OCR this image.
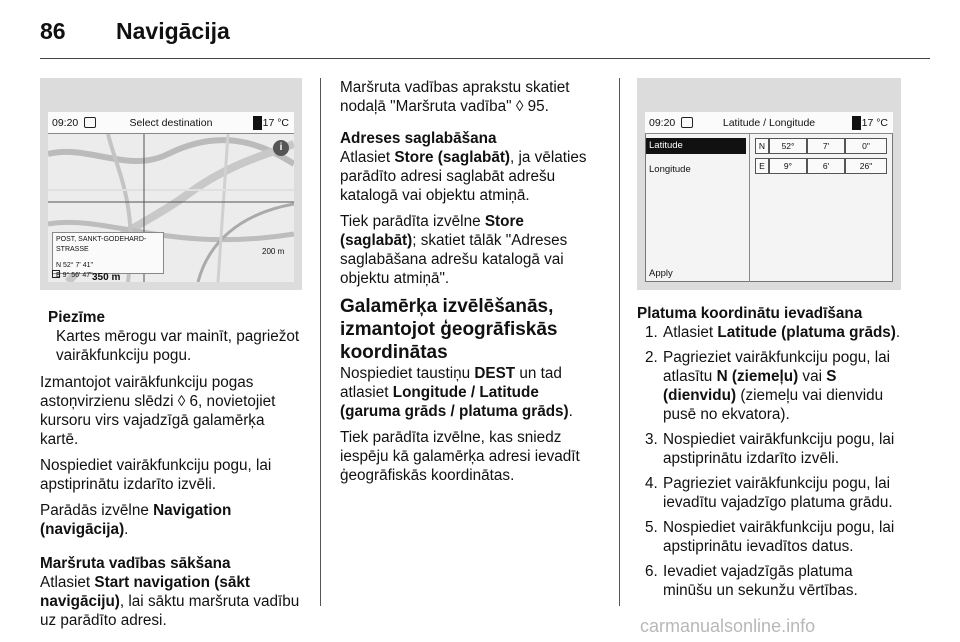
86 Navigācija
09:20	Select destination	17 °C
i
POST, SANKT-GODEHARD-STRASSE
N 52° 7' 41"
E 9° 56' 47" 350 m
200 m
Piezīme
Kartes mērogu var mainīt, pagriežot vairākfunkciju pogu.

Izmantojot vairākfunkciju pogas astoņvirzienu slēdzi ◊ 6, novietojiet kursoru virs vajadzīgā galamērķa kartē.

Nospiediet vairākfunkciju pogu, lai apstiprinātu izdarīto izvēli.

Parādās izvēlne Navigation (navigācija).

Maršruta vadības sākšana

Atlasiet Start navigation (sākt navigāciju), lai sāktu maršruta vadību uz parādīto adresi.

Maršruta vadības aprakstu skatiet nodaļā "Maršruta vadība" ◊ 95.

Adreses saglabāšana

Atlasiet Store (saglabāt), ja vēlaties parādīto adresi saglabāt adrešu katalogā vai objektu atmiņā.

Tiek parādīta izvēlne Store (saglabāt); skatiet tālāk "Adreses saglabāšana adrešu katalogā vai objektu atmiņā".

Galamērķa izvēlēšanās, izmantojot ģeogrāfiskās koordinātas

Nospiediet taustiņu DEST un tad atlasiet Longitude / Latitude (garuma grāds / platuma grāds).

Tiek parādīta izvēlne, kas sniedz iespēju kā galamērķa adresi ievadīt ģeogrāfiskās koordinātas.

09:20	Latitude / Longitude	17 °C
Latitude
Longitude
Apply
N	52°	7'	0"
E	9°	6'	26"
Platuma koordinātu ievadīšana
1. Atlasiet Latitude (platuma grāds).
2. Pagrieziet vairākfunkciju pogu, lai atlasītu N (ziemeļu) vai S (dienvidu) (ziemeļu vai dienvidu pusē no ekvatora).
3. Nospiediet vairākfunkciju pogu, lai apstiprinātu izdarīto izvēli.
4. Pagrieziet vairākfunkciju pogu, lai ievadītu vajadzīgo platuma grādu.
5. Nospiediet vairākfunkciju pogu, lai apstiprinātu ievadītos datus.
6. Ievadiet vajadzīgās platuma minūšu un sekunžu vērtības.
carmanualsonline.info
